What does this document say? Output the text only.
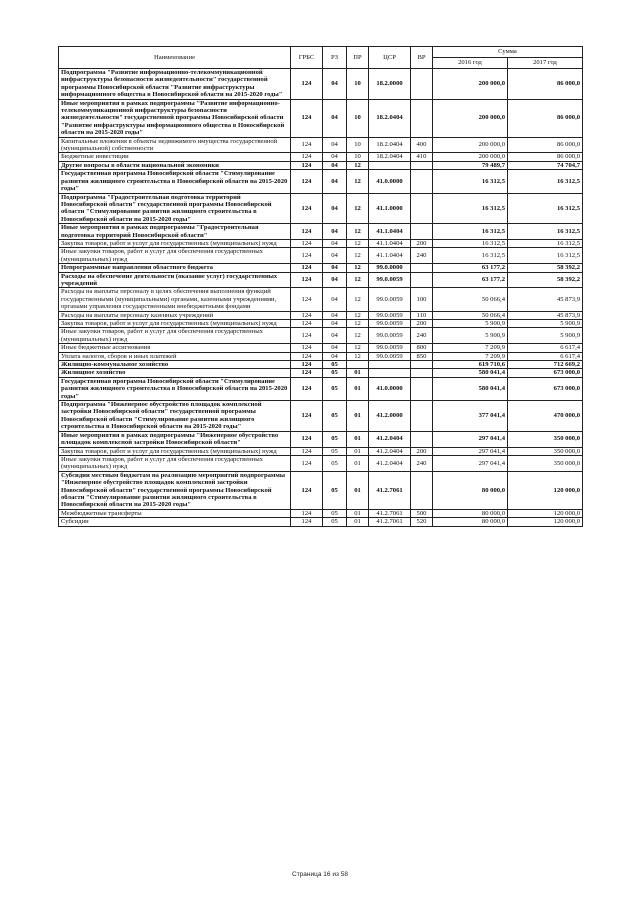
Наименование	ГРБС	РЗ	ПР	ЦСР	ВР	Сумма	
						2016 год	2017 год
Подпрограмма "Развитие информационно-телекоммуникационной инфраструктуры безопасности жизнедеятельности" государственной программы Новосибирской области "Развитие инфраструктуры информационного общества в Новосибирской области на 2015-2020 годы"	124	04	10	18.2.0000		200 000,0	86 000,0
Иные мероприятия в рамках подпрограммы "Развитие информационно-телекоммуникационной инфраструктуры безопасности жизнедеятельности" государственной программы Новосибирской области "Развитие инфраструктуры информационного общества в Новосибирской области на 2015-2020 годы"	124	04	10	18.2.0404		200 000,0	86 000,0
Капитальные вложения в объекты недвижимого имущества государственной (муниципальной) собственности	124	04	10	18.2.0404	400	200 000,0	86 000,0
Бюджетные инвестиции	124	04	10	18.2.0404	410	200 000,0	86 000,0
Другие вопросы в области национальной экономики	124	04	12			79 489,7	74 704,7
Государственная программа Новосибирской области "Стимулирование развития жилищного строительства в Новосибирской области на 2015-2020 годы"	124	04	12	41.0.0000		16 312,5	16 312,5
Подпрограмма "Градостроительная подготовка территорий Новосибирской области" государственной программы Новосибирской области "Стимулирование развития жилищного строительства в Новосибирской области на 2015-2020 годы"	124	04	12	41.1.0000		16 312,5	16 312,5
Иные мероприятия в рамках подпрограммы "Градостроительная подготовка территорий Новосибирской области"	124	04	12	41.1.0404		16 312,5	16 312,5
Закупка товаров, работ и услуг для государственных (муниципальных) нужд	124	04	12	41.1.0404	200	16 312,5	16 312,5
Иные закупки товаров, работ и услуг для обеспечения государственных (муниципальных) нужд	124	04	12	41.1.0404	240	16 312,5	16 312,5
Непрограммные направления областного бюджета	124	04	12	99.0.0000		63 177,2	58 392,2
Расходы на обеспечение деятельности (оказание услуг) государственных учреждений	124	04	12	99.0.0059		63 177,2	58 392,2
Расходы на выплаты персоналу в целях обеспечения выполнения функций государственными (муниципальными) органами, казенными учреждениями, органами управления государственными внебюджетными фондами	124	04	12	99.0.0059	100	50 066,4	45 873,9
Расходы на выплаты персоналу казенных учреждений	124	04	12	99.0.0059	110	50 066,4	45 873,9
Закупка товаров, работ и услуг для государственных (муниципальных) нужд	124	04	12	99.0.0059	200	5 900,9	5 900,9
Иные закупки товаров, работ и услуг для обеспечения государственных (муниципальных) нужд	124	04	12	99.0.0059	240	5 900,9	5 900,9
Иные бюджетные ассигнования	124	04	12	99.0.0059	800	7 209,9	6 617,4
Уплата налогов, сборов и иных платежей	124	04	12	99.0.0059	850	7 209,9	6 617,4
Жилищно-коммунальное хозяйство	124	05				619 710,6	712 669,2
Жилищное хозяйство	124	05	01			580 041,4	673 000,0
Государственная программа Новосибирской области "Стимулирование развития жилищного строительства в Новосибирской области на 2015-2020 годы"	124	05	01	41.0.0000		580 041,4	673 000,0
Подпрограмма "Инженерное обустройство площадок комплексной застройки Новосибирской области" государственной программы Новосибирской области "Стимулирование развития жилищного строительства в Новосибирской области на 2015-2020 годы"	124	05	01	41.2.0000		377 041,4	470 000,0
Иные мероприятия в рамках подпрограммы "Инженерное обустройство площадок комплексной застройки Новосибирской области"	124	05	01	41.2.0404		297 041,4	350 000,0
Закупка товаров, работ и услуг для государственных (муниципальных) нужд	124	05	01	41.2.0404	200	297 041,4	350 000,0
Иные закупки товаров, работ и услуг для обеспечения государственных (муниципальных) нужд	124	05	01	41.2.0404	240	297 041,4	350 000,0
Субсидии местным бюджетам на реализацию мероприятий подпрограммы "Инженерное обустройство площадок комплексной застройки Новосибирской области" государственной программы Новосибирской области "Стимулирование развития жилищного строительства в Новосибирской области на 2015-2020 годы"	124	05	01	41.2.7061		80 000,0	120 000,0
Межбюджетные трансферты	124	05	01	41.2.7061	500	80 000,0	120 000,0
Субсидии	124	05	01	41.2.7061	520	80 000,0	120 000,0
Страница 16 из 58
